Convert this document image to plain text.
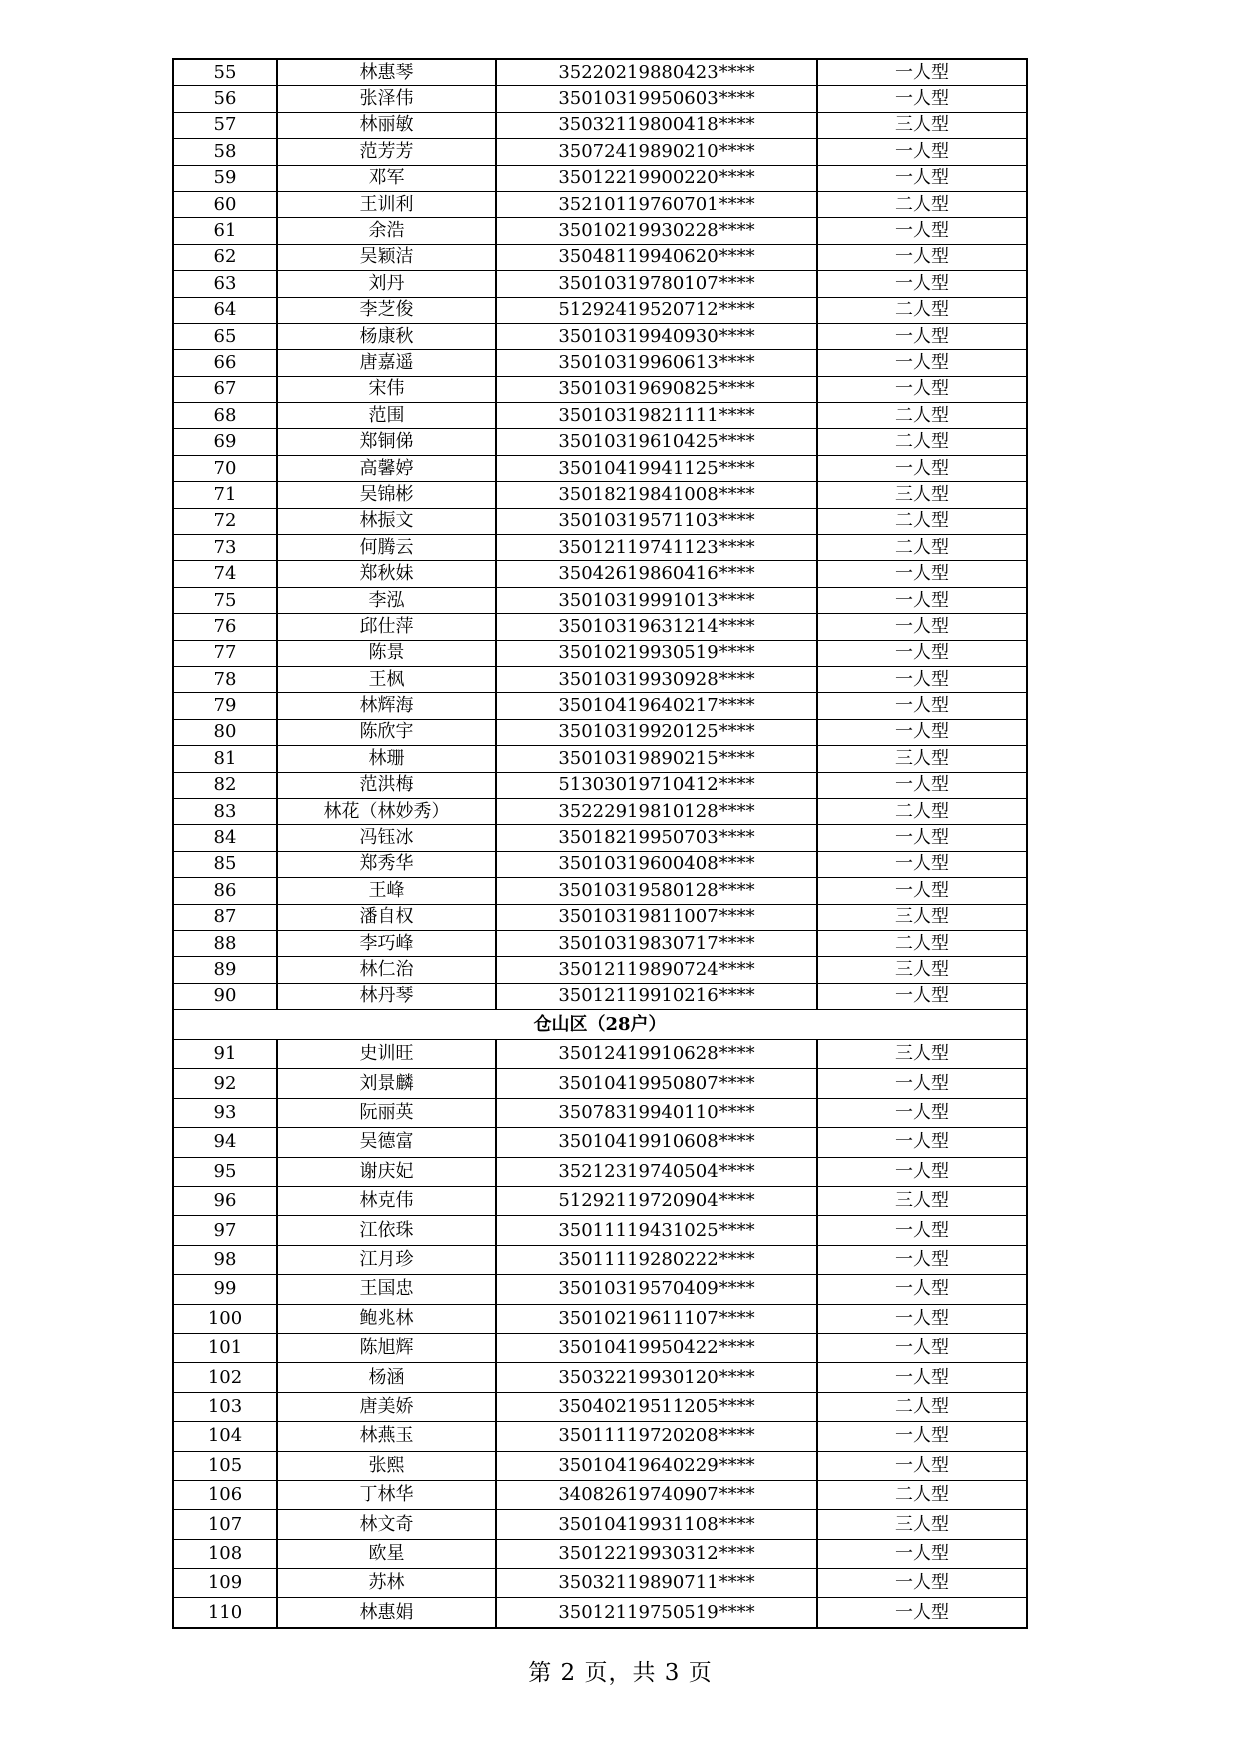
55	林惠琴	35220219880423****	一人型
56	张泽伟	35010319950603****	一人型
57	林丽敏	35032119800418****	三人型
58	范芳芳	35072419890210****	一人型
59	邓军	35012219900220****	一人型
60	王训利	35210119760701****	二人型
61	余浩	35010219930228****	一人型
62	吴颖洁	35048119940620****	一人型
63	刘丹	35010319780107****	一人型
64	李芝俊	51292419520712****	二人型
65	杨康秋	35010319940930****	一人型
66	唐嘉遥	35010319960613****	一人型
67	宋伟	35010319690825****	一人型
68	范围	35010319821111****	二人型
69	郑铜俤	35010319610425****	二人型
70	高馨婷	35010419941125****	一人型
71	吴锦彬	35018219841008****	三人型
72	林振文	35010319571103****	二人型
73	何腾云	35012119741123****	二人型
74	郑秋妹	35042619860416****	一人型
75	李泓	35010319991013****	一人型
76	邱仕萍	35010319631214****	一人型
77	陈景	35010219930519****	一人型
78	王枫	35010319930928****	一人型
79	林辉海	35010419640217****	一人型
80	陈欣宇	35010319920125****	一人型
81	林珊	35010319890215****	三人型
82	范洪梅	51303019710412****	一人型
83	林花（林妙秀）	35222919810128****	二人型
84	冯钰冰	35018219950703****	一人型
85	郑秀华	35010319600408****	一人型
86	王峰	35010319580128****	一人型
87	潘自权	35010319811007****	三人型
88	李巧峰	35010319830717****	二人型
89	林仁治	35012119890724****	三人型
90	林丹琴	35012119910216****	一人型
仓山区（28户）			
91	史训旺	35012419910628****	三人型
92	刘景麟	35010419950807****	一人型
93	阮丽英	35078319940110****	一人型
94	吴德富	35010419910608****	一人型
95	谢庆妃	35212319740504****	一人型
96	林克伟	51292119720904****	三人型
97	江依珠	35011119431025****	一人型
98	江月珍	35011119280222****	一人型
99	王国忠	35010319570409****	一人型
100	鲍兆林	35010219611107****	一人型
101	陈旭辉	35010419950422****	一人型
102	杨涵	35032219930120****	一人型
103	唐美娇	35040219511205****	二人型
104	林燕玉	35011119720208****	一人型
105	张熙	35010419640229****	一人型
106	丁林华	34082619740907****	二人型
107	林文奇	35010419931108****	三人型
108	欧星	35012219930312****	一人型
109	苏林	35032119890711****	一人型
110	林惠娟	35012119750519****	一人型
第 2 页，共 3 页
